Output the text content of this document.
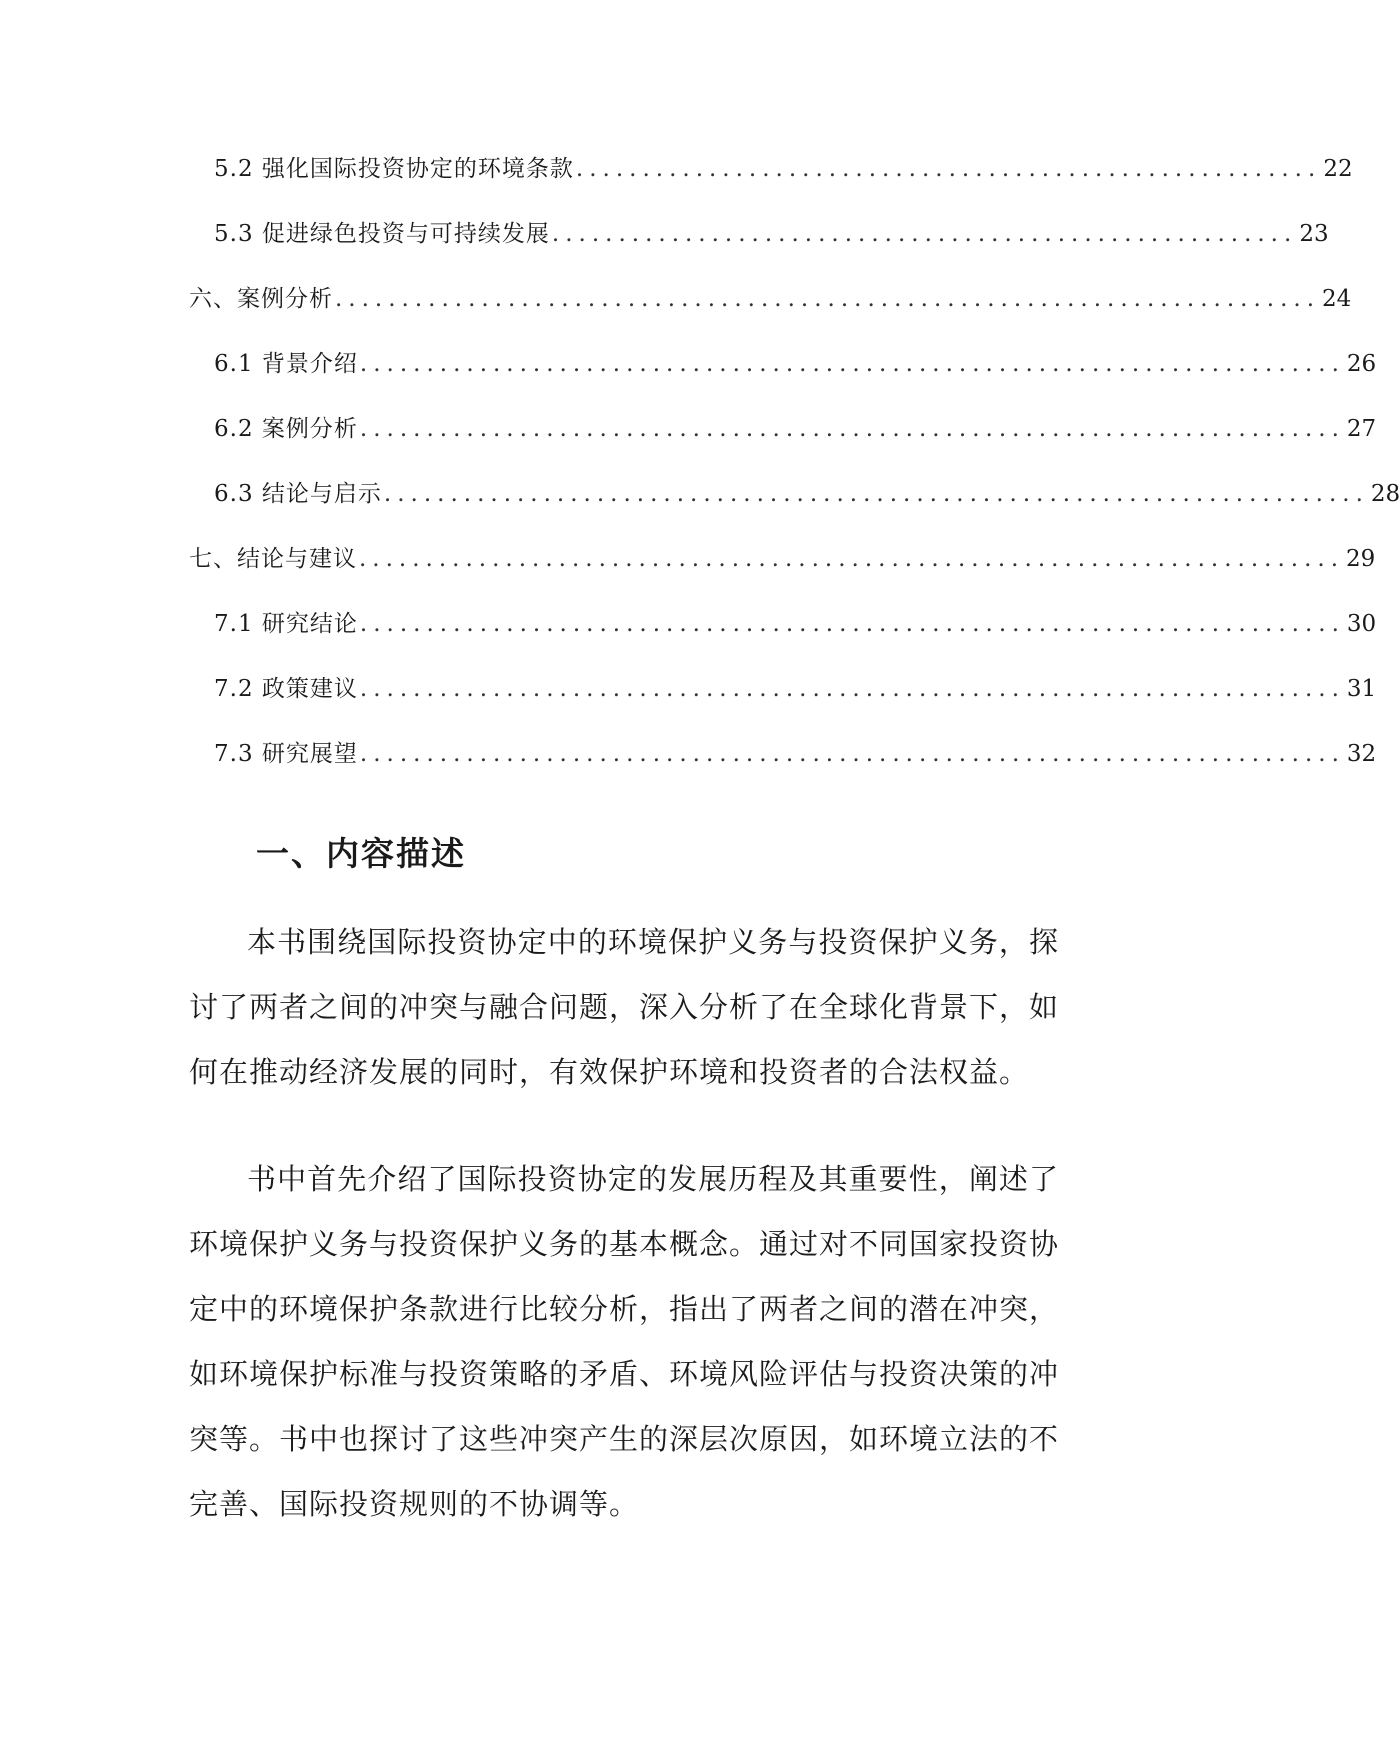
5.2 强化国际投资协定的环境条款 ........................................................ 22
5.3 促进绿色投资与可持续发展 ........................................................ 23
六、案例分析 .......................................................................... 24
6.1 背景介绍 .......................................................................... 26
6.2 案例分析 .......................................................................... 27
6.3 结论与启示 .......................................................................... 28
七、结论与建议 .......................................................................... 29
7.1 研究结论 .......................................................................... 30
7.2 政策建议 .......................................................................... 31
7.3 研究展望 .......................................................................... 32
一、内容描述

本书围绕国际投资协定中的环境保护义务与投资保护义务，探讨了两者之间的冲突与融合问题，深入分析了在全球化背景下，如何在推动经济发展的同时，有效保护环境和投资者的合法权益。

书中首先介绍了国际投资协定的发展历程及其重要性，阐述了环境保护义务与投资保护义务的基本概念。通过对不同国家投资协定中的环境保护条款进行比较分析，指出了两者之间的潜在冲突，如环境保护标准与投资策略的矛盾、环境风险评估与投资决策的冲突等。书中也探讨了这些冲突产生的深层次原因，如环境立法的不完善、国际投资规则的不协调等。
